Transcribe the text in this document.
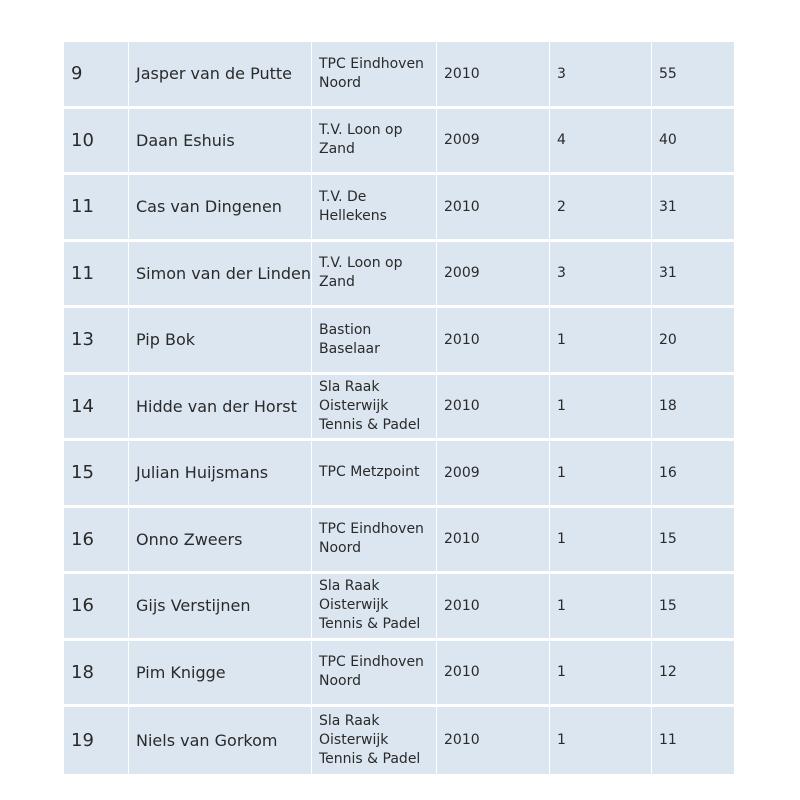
9	Jasper van de Putte	TPC Eindhoven
Noord	2010	3	55
10	Daan Eshuis	T.V. Loon op
Zand	2009	4	40
11	Cas van Dingenen	T.V. De
Hellekens	2010	2	31
11	Simon van der Linden	T.V. Loon op
Zand	2009	3	31
13	Pip Bok	Bastion
Baselaar	2010	1	20
14	Hidde van der Horst	Sla Raak
Oisterwijk
Tennis & Padel	2010	1	18
15	Julian Huijsmans	TPC Metzpoint	2009	1	16
16	Onno Zweers	TPC Eindhoven
Noord	2010	1	15
16	Gijs Verstijnen	Sla Raak
Oisterwijk
Tennis & Padel	2010	1	15
18	Pim Knigge	TPC Eindhoven
Noord	2010	1	12
19	Niels van Gorkom	Sla Raak
Oisterwijk
Tennis & Padel	2010	1	11
